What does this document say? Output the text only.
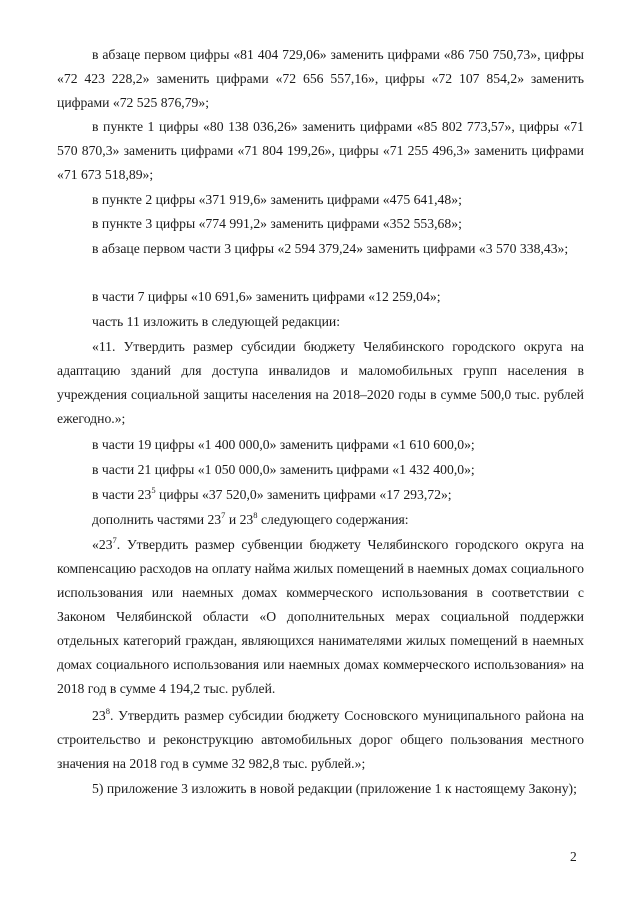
в абзаце первом цифры «81 404 729,06» заменить цифрами «86 750 750,73», цифры «72 423 228,2» заменить цифрами «72 656 557,16», цифры «72 107 854,2» заменить цифрами «72 525 876,79»;

в пункте 1 цифры «80 138 036,26» заменить цифрами «85 802 773,57», цифры «71 570 870,3» заменить цифрами «71 804 199,26», цифры «71 255 496,3» заменить цифрами «71 673 518,89»;

в пункте 2 цифры «371 919,6» заменить цифрами «475 641,48»;

в пункте 3 цифры «774 991,2» заменить цифрами «352 553,68»;

в абзаце первом части 3 цифры «2 594 379,24» заменить цифрами «3 570 338,43»;

в части 7 цифры «10 691,6» заменить цифрами «12 259,04»;

часть 11 изложить в следующей редакции:

«11. Утвердить размер субсидии бюджету Челябинского городского округа на адаптацию зданий для доступа инвалидов и маломобильных групп населения в учреждения социальной защиты населения на 2018–2020 годы в сумме 500,0 тыс. рублей ежегодно.»;

в части 19 цифры «1 400 000,0» заменить цифрами «1 610 600,0»;

в части 21 цифры «1 050 000,0» заменить цифрами «1 432 400,0»;

в части $23^5$ цифры «37 520,0» заменить цифрами «17 293,72»;

дополнить частями $23^7$ и $23^8$ следующего содержания:

«$23^7$. Утвердить размер субвенции бюджету Челябинского городского округа на компенсацию расходов на оплату найма жилых помещений в наемных домах социального использования или наемных домах коммерческого использования в соответствии с Законом Челябинской области «О дополнительных мерах социальной поддержки отдельных категорий граждан, являющихся нанимателями жилых помещений в наемных домах социального использования или наемных домах коммерческого использования» на 2018 год в сумме 4 194,2 тыс. рублей.

$23^8$. Утвердить размер субсидии бюджету Сосновского муниципального района на строительство и реконструкцию автомобильных дорог общего пользования местного значения на 2018 год в сумме 32 982,8 тыс. рублей.»;

5) приложение 3 изложить в новой редакции (приложение 1 к настоящему Закону);

2
